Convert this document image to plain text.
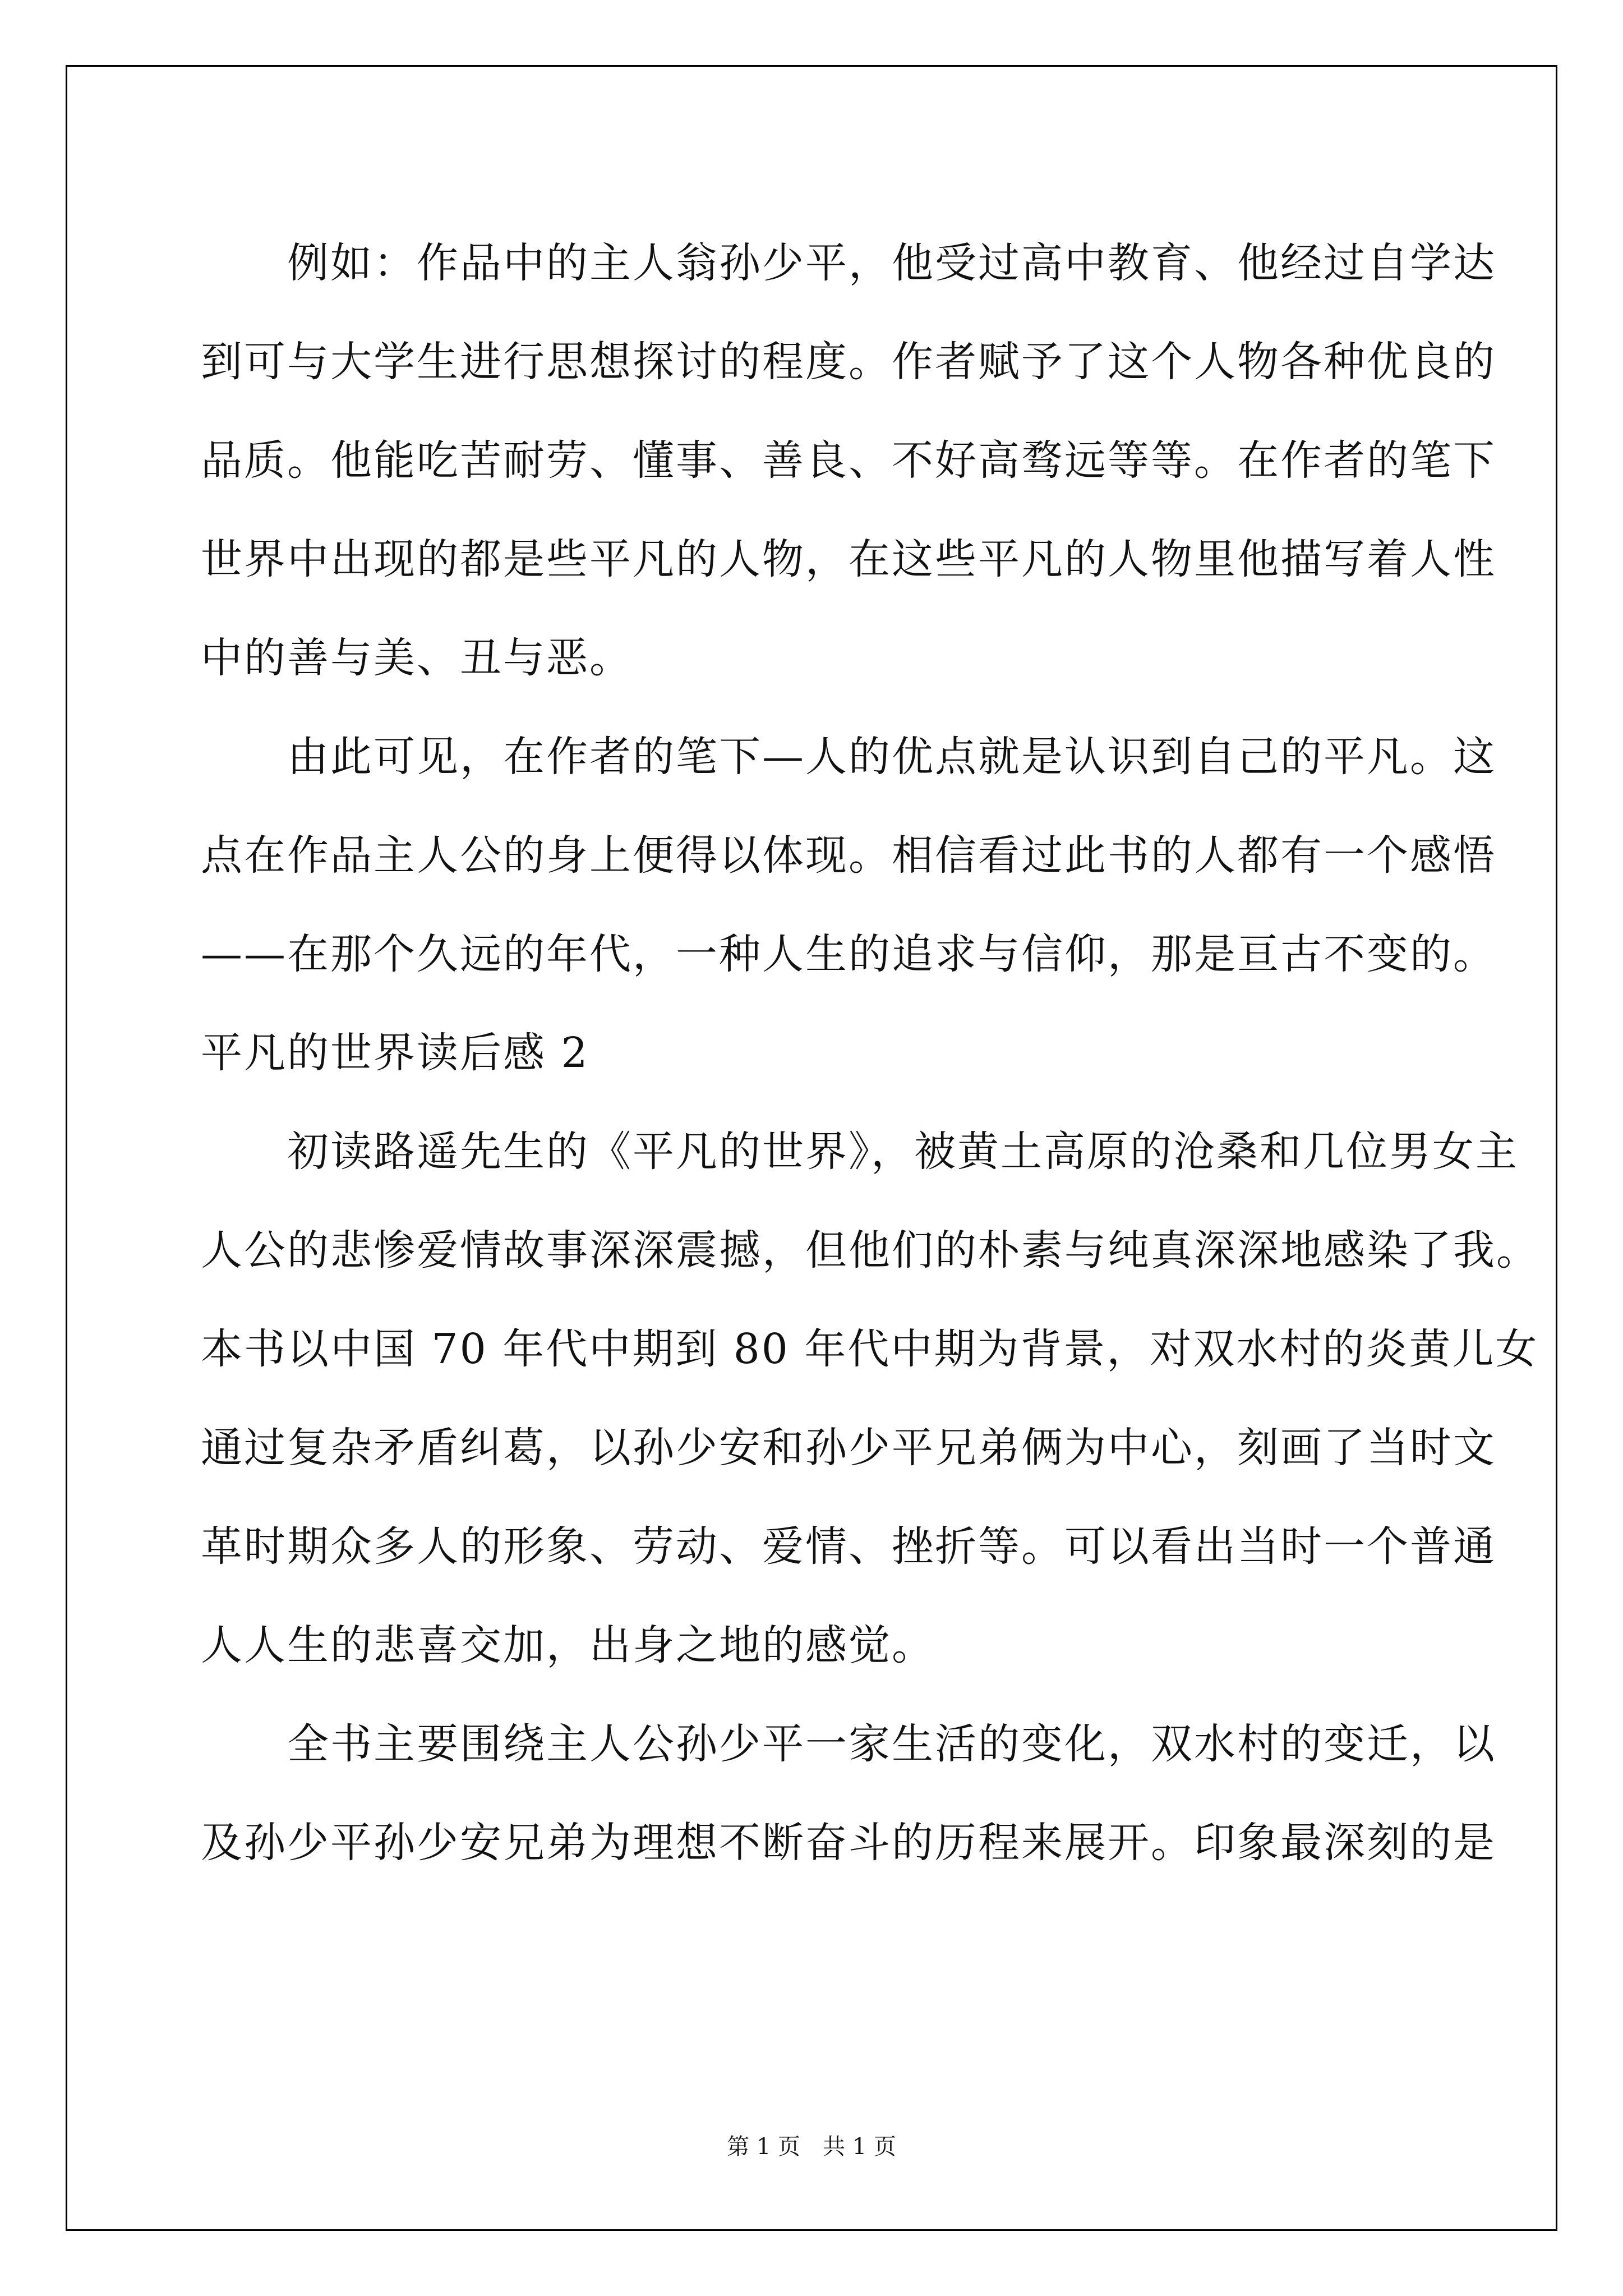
　　例如：作品中的主人翁孙少平，他受过高中教育、他经过自学达

到可与大学生进行思想探讨的程度。作者赋予了这个人物各种优良的

品质。他能吃苦耐劳、懂事、善良、不好高骛远等等。在作者的笔下

世界中出现的都是些平凡的人物，在这些平凡的人物里他描写着人性

中的善与美、丑与恶。

　　由此可见，在作者的笔下—人的优点就是认识到自己的平凡。这

点在作品主人公的身上便得以体现。相信看过此书的人都有一个感悟

——在那个久远的年代，一种人生的追求与信仰，那是亘古不变的。

平凡的世界读后感 2

　　初读路遥先生的《平凡的世界》，被黄土高原的沧桑和几位男女主

人公的悲惨爱情故事深深震撼，但他们的朴素与纯真深深地感染了我。

本书以中国 70 年代中期到 80 年代中期为背景，对双水村的炎黄儿女

通过复杂矛盾纠葛，以孙少安和孙少平兄弟俩为中心，刻画了当时文

革时期众多人的形象、劳动、爱情、挫折等。可以看出当时一个普通

人人生的悲喜交加，出身之地的感觉。

　　全书主要围绕主人公孙少平一家生活的变化，双水村的变迁，以

及孙少平孙少安兄弟为理想不断奋斗的历程来展开。印象最深刻的是

第 1 页　共 1 页
